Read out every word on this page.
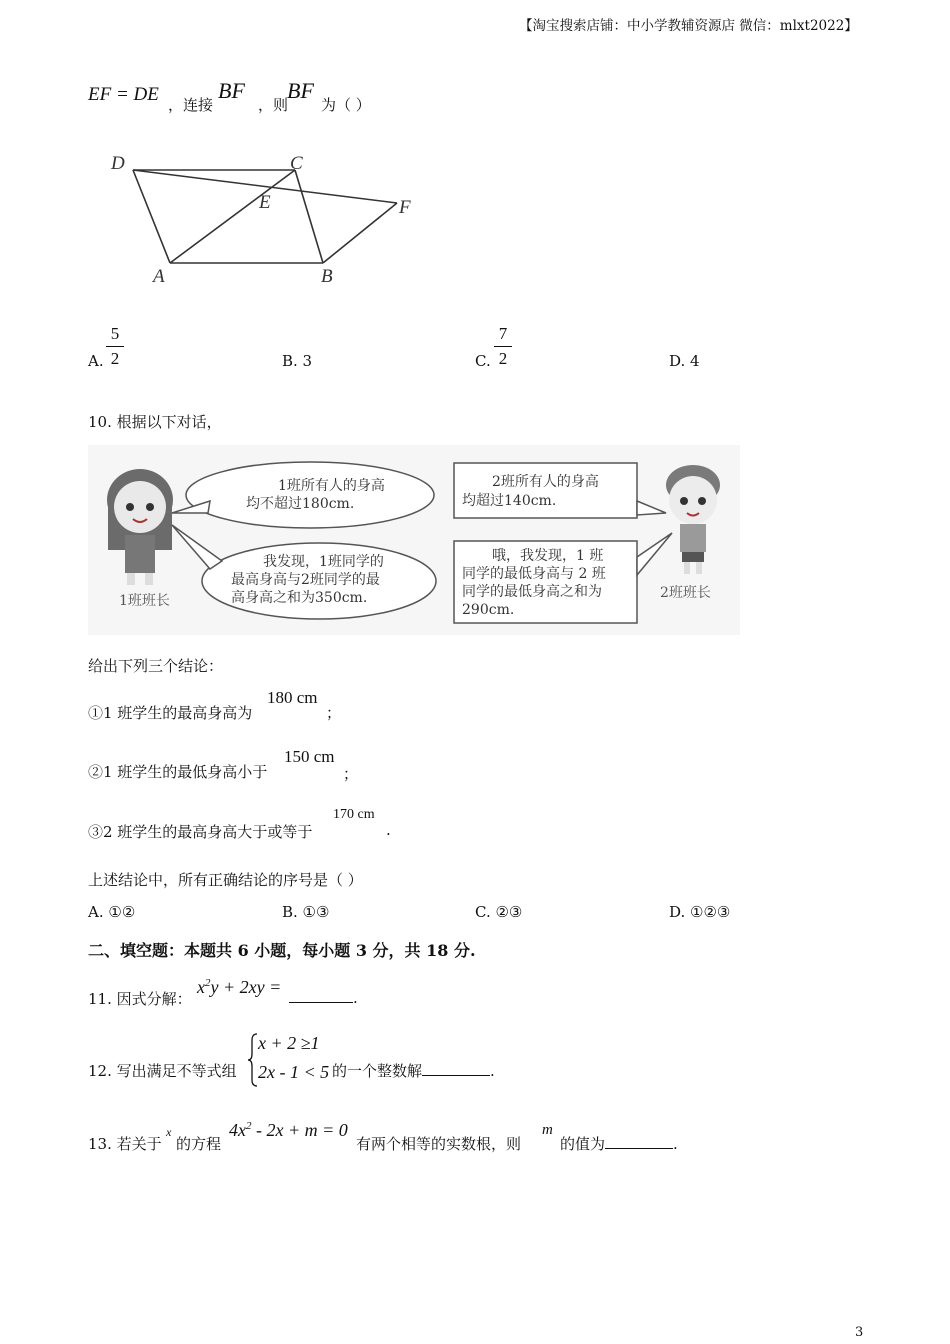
【淘宝搜索店铺：中小学教辅资源店 微信：mlxt2022】
EF = DE ，连接
BF
，则
BF
为（ ）
D	C
E	F
A	B
A.
5
2	B. 3	C.
7
2	D. 4
10. 根据以下对话，
1班所有人的身高
均不超过180cm.
我发现，1班同学的
最高身高与2班同学的最
高身高之和为350cm.
2班所有人的身高
均超过140cm.
哦，我发现，1 班
同学的最低身高与 2 班
同学的最低身高之和为
290cm.
1班班长	2班班长
给出下列三个结论：
①1 班学生的最高身高为
180 cm
；
②1 班学生的最低身高小于
150 cm
；
③2 班学生的最高身高大于或等于
170 cm
.
上述结论中，所有正确结论的序号是（ ）
A. ①②	B. ①③	C. ②③	D. ①②③
二、填空题：本题共 6 小题，每小题 3 分，共 18 分.
11. 因式分解：
$x^2y + 2xy$ =
.
12. 写出满足不等式组
x + 2 ≥1
2x - 1 < 5 的一个整数解	.
13. 若关于
x
的方程
$4x^2 - 2x + m = 0$
有两个相等的实数根，则
m
的值为	.
3
